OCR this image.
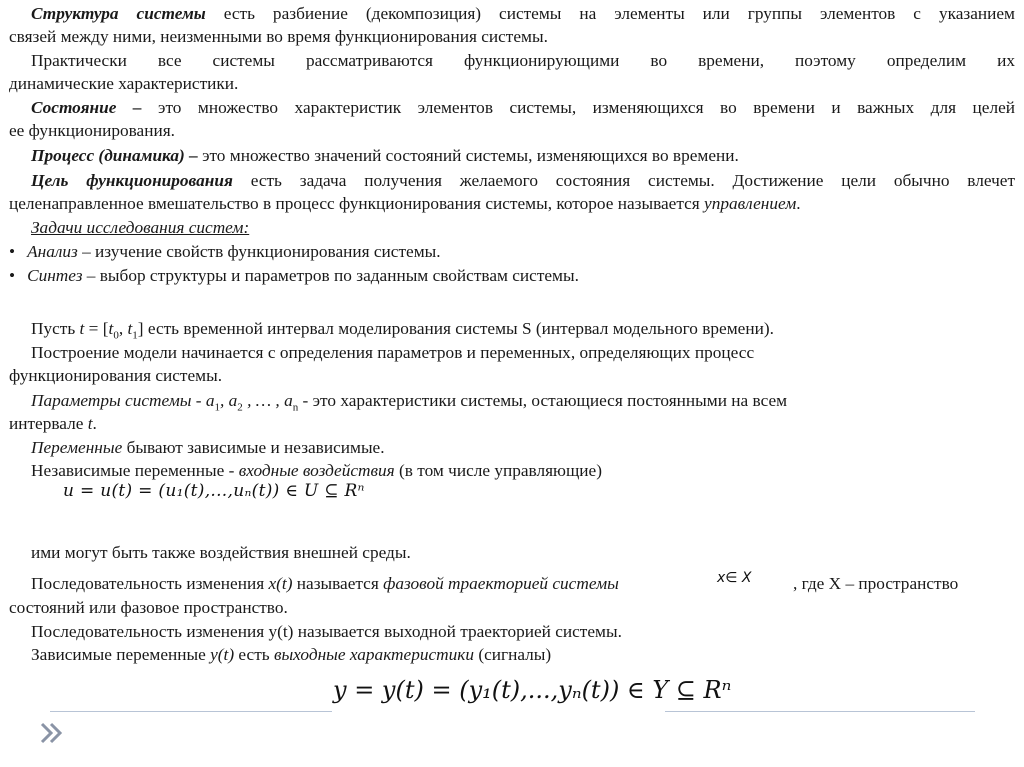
Структура системы есть разбиение (декомпозиция) системы на элементы или группы элементов с указанием
связей между ними, неизменными во время функционирования системы.
Практически все системы рассматриваются функционирующими во времени, поэтому определим их
динамические характеристики.
Состояние – это множество характеристик элементов системы, изменяющихся во времени и важных для целей
ее функционирования.
Процесс (динамика) – это множество значений состояний системы, изменяющихся во времени.
Цель функционирования есть задача получения желаемого состояния системы. Достижение цели обычно влечет
целенаправленное вмешательство в процесс функционирования системы, которое называется управлением.
Задачи исследования систем:
• Анализ – изучение свойств функционирования системы.
• Синтез – выбор структуры и параметров по заданным свойствам системы.
Пусть $t = [t_0$, $t_1$] есть временной интервал моделирования системы S (интервал модельного времени).
Построение модели начинается с определения параметров и переменных, определяющих процесс
функционирования системы.
Параметры системы - $a_1$, $a_2$ , … , $a_n$ - это характеристики системы, остающиеся постоянными на всем
интервале t.
Переменные бывают зависимые и независимые.
Независимые переменные - входные воздействия (в том числе управляющие)
u = u(t) = (u₁(t),...,uₙ(t)) ∈ U ⊆ Rⁿ
ими могут быть также воздействия внешней среды.
Последовательность изменения x(t) называется фазовой траекторией системы	x∈ X , где X – пространство
состояний или фазовое пространство.
Последовательность изменения y(t) называется выходной траекторией системы.
Зависимые переменные y(t) есть выходные характеристики (сигналы)
y = y(t) = (y₁(t),...,yₙ(t)) ∈ Y ⊆ Rⁿ
